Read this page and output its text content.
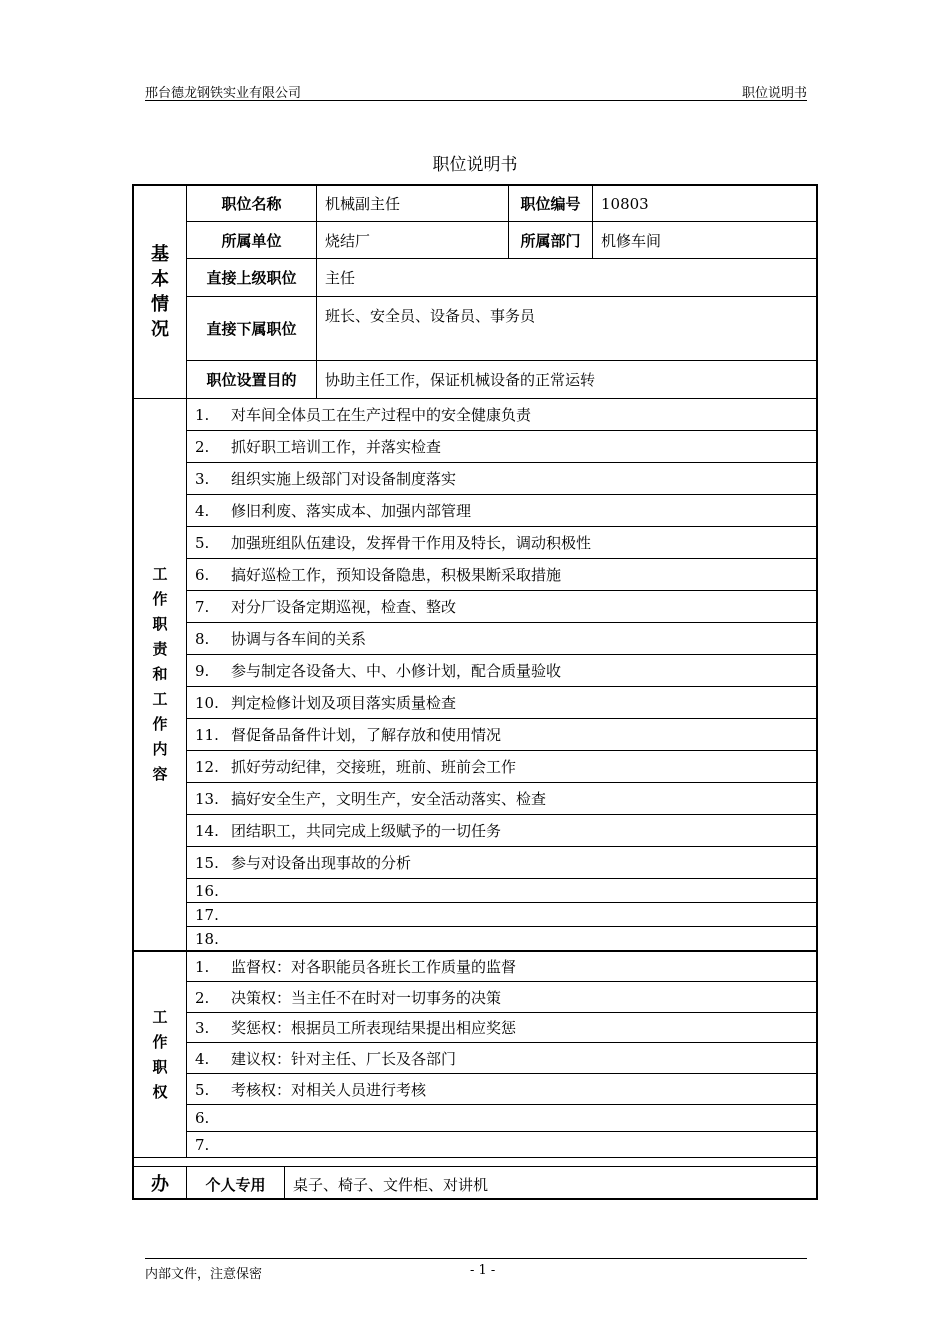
邢台德龙钢铁实业有限公司	职位说明书
职位说明书
基
本
情
况	职位名称	机械副主任	职位编号	10803
	所属单位	烧结厂	所属部门	机修车间
	直接上级职位	主任		
	直接下属职位	班长、安全员、设备员、事务员		
	职位设置目的	协助主任工作，保证机械设备的正常运转		
工
作
职
责
和
工
作
内
容
	1. 对车间全体员工在生产过程中的安全健康负责
2. 抓好职工培训工作，并落实检查
3. 组织实施上级部门对设备制度落实
4. 修旧利废、落实成本、加强内部管理
5. 加强班组队伍建设，发挥骨干作用及特长，调动积极性
6. 搞好巡检工作，预知设备隐患，积极果断采取措施
7. 对分厂设备定期巡视，检查、整改
8. 协调与各车间的关系
9. 参与制定各设备大、中、小修计划，配合质量验收
10. 判定检修计划及项目落实质量检查
11. 督促备品备件计划，了解存放和使用情况
12. 抓好劳动纪律，交接班，班前、班前会工作
13. 搞好安全生产，文明生产，安全活动落实、检查
14. 团结职工，共同完成上级赋予的一切任务
15. 参与对设备出现事故的分析
16.
17.
18.
工
作
职
权
	1. 监督权：对各职能员各班长工作质量的监督
2. 决策权：当主任不在时对一切事务的决策
3. 奖惩权：根据员工所表现结果提出相应奖惩
4. 建议权：针对主任、厂长及各部门
5. 考核权：对相关人员进行考核
6.
7.
办	个人专用	桌子、椅子、文件柜、对讲机
内部文件，注意保密	- 1 -
